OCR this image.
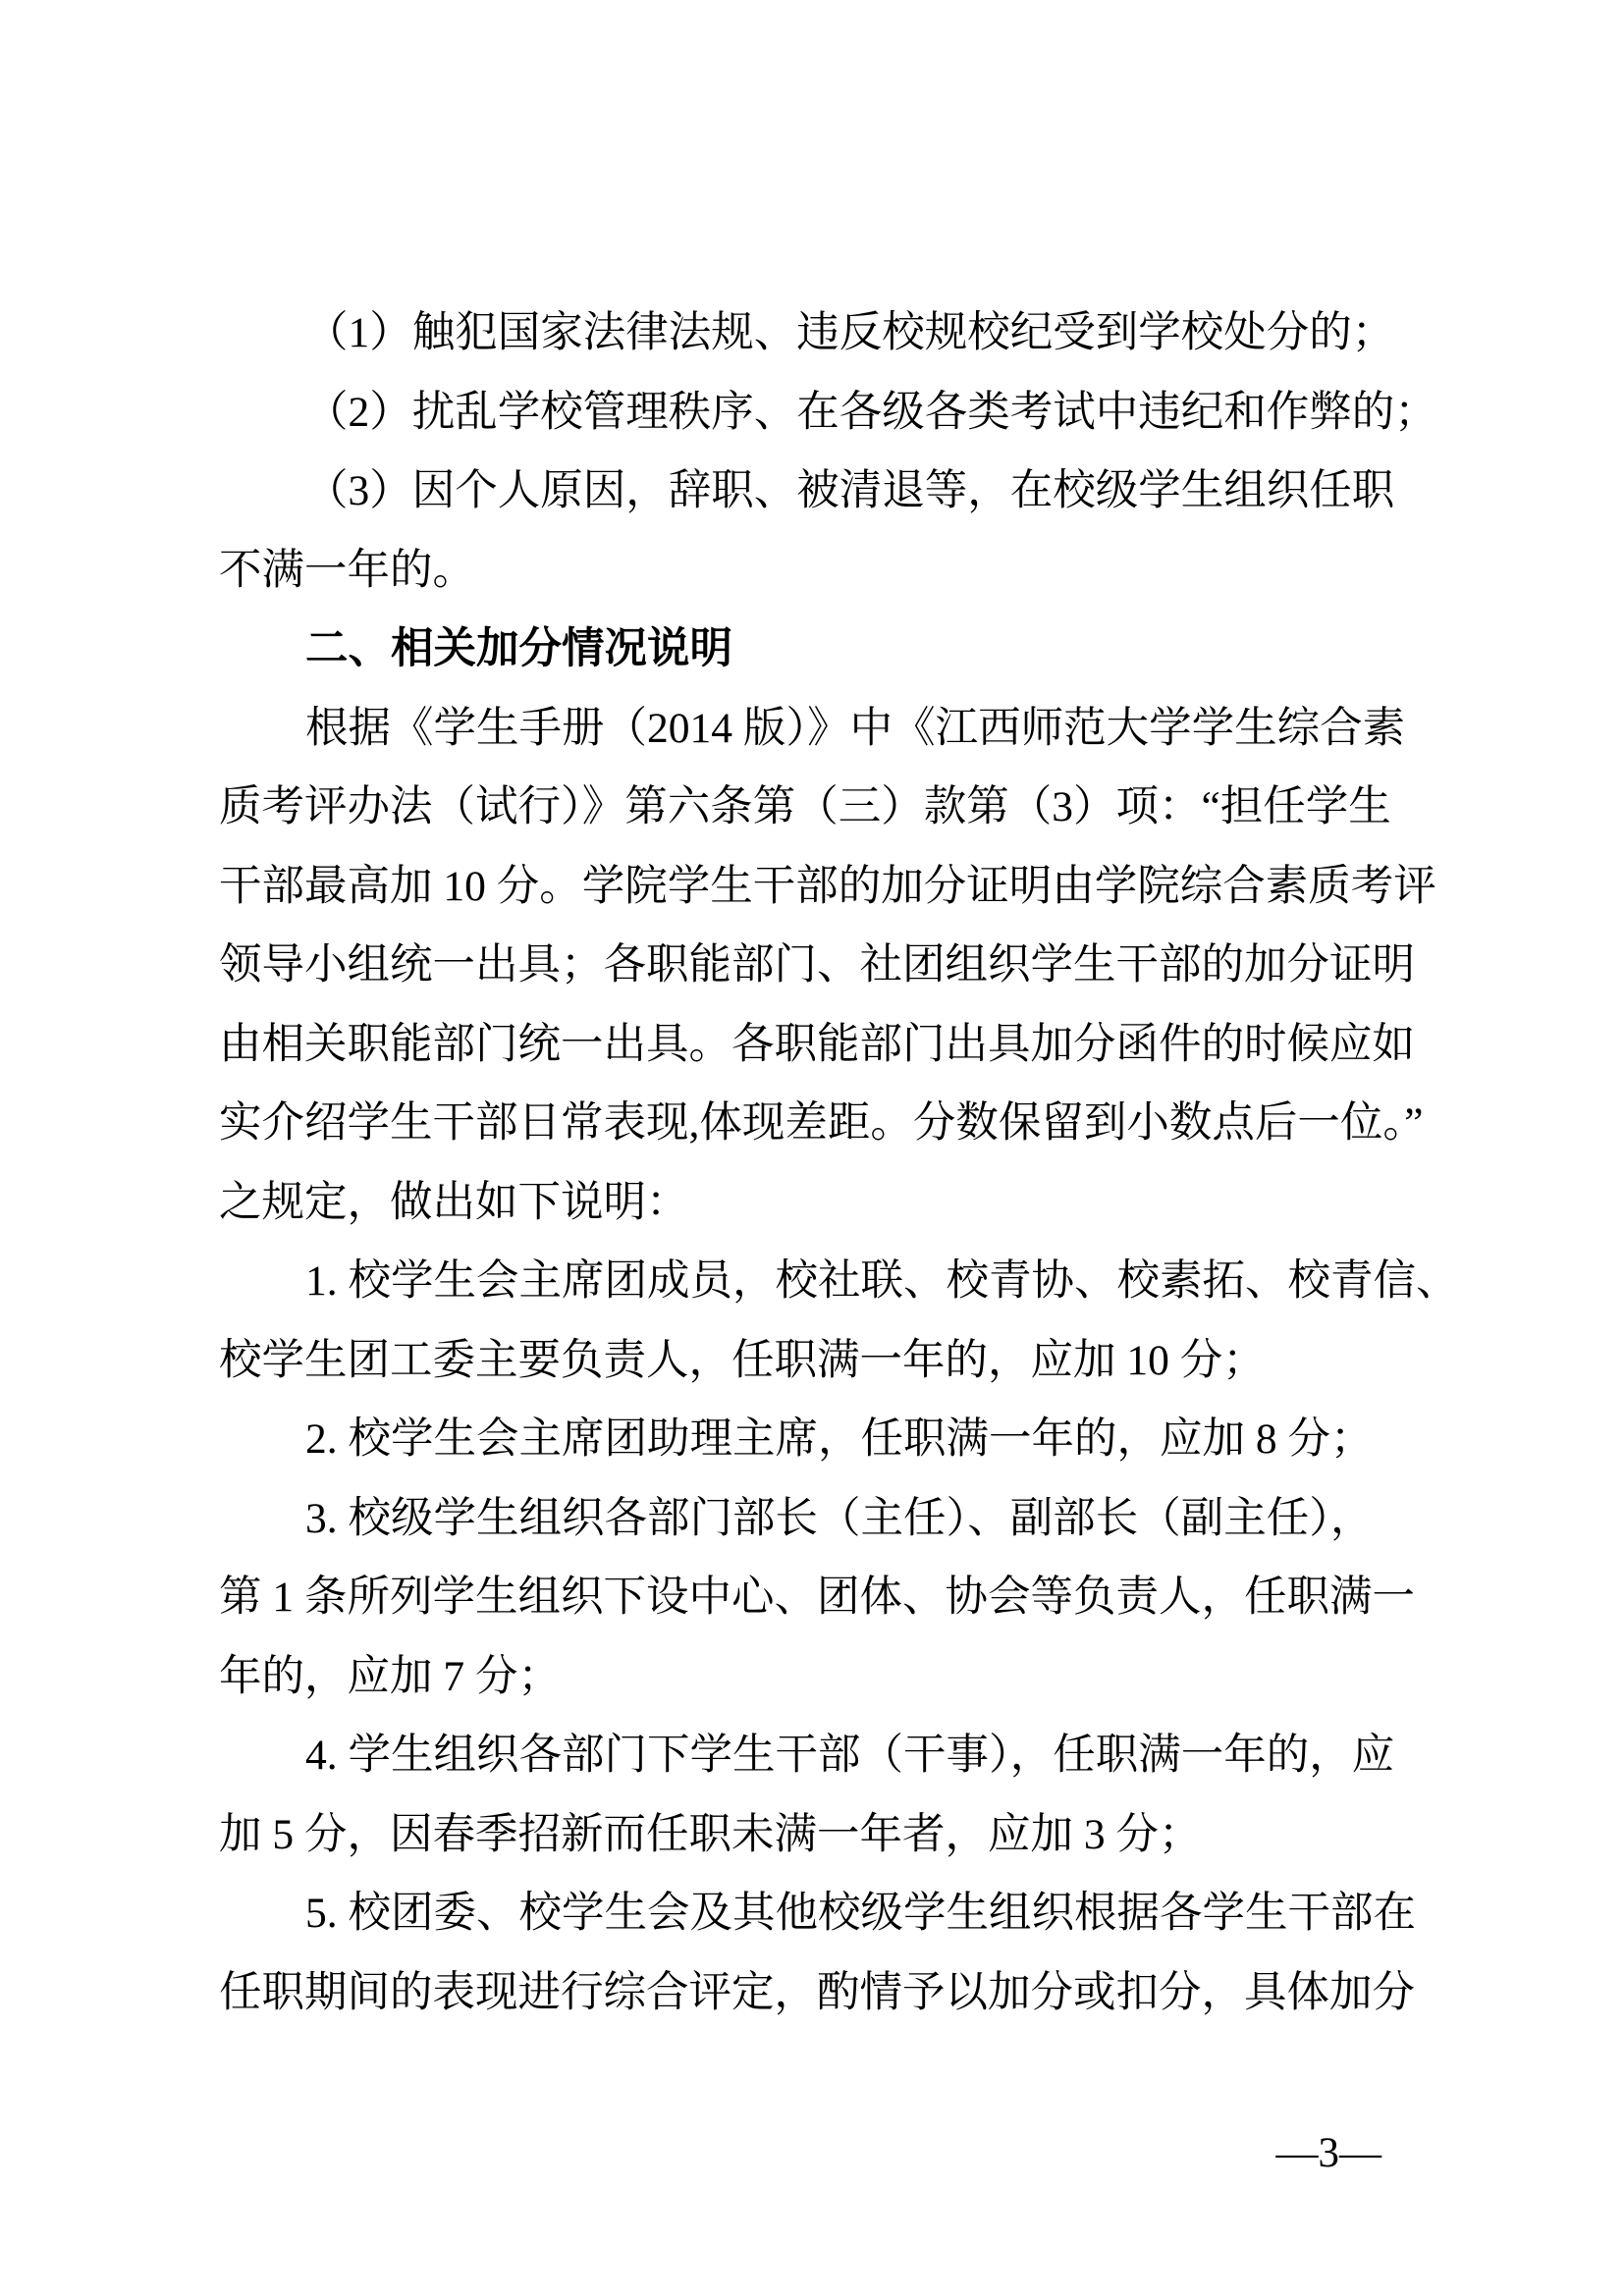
（1）触犯国家法律法规、违反校规校纪受到学校处分的；

（2）扰乱学校管理秩序、在各级各类考试中违纪和作弊的；

（3）因个人原因，辞职、被清退等，在校级学生组织任职

不满一年的。

二、相关加分情况说明

根据《学生手册（2014 版）》中《江西师范大学学生综合素

质考评办法（试行）》第六条第（三）款第（3）项：“担任学生

干部最高加 10 分。学院学生干部的加分证明由学院综合素质考评

领导小组统一出具；各职能部门、社团组织学生干部的加分证明

由相关职能部门统一出具。各职能部门出具加分函件的时候应如

实介绍学生干部日常表现,体现差距。分数保留到小数点后一位。”

之规定，做出如下说明：

1. 校学生会主席团成员，校社联、校青协、校素拓、校青信、

校学生团工委主要负责人，任职满一年的，应加 10 分；

2. 校学生会主席团助理主席，任职满一年的，应加 8 分；

3. 校级学生组织各部门部长（主任）、副部长（副主任），

第 1 条所列学生组织下设中心、团体、协会等负责人，任职满一

年的，应加 7 分；

4. 学生组织各部门下学生干部（干事），任职满一年的，应

加 5 分，因春季招新而任职未满一年者，应加 3 分；

5. 校团委、校学生会及其他校级学生组织根据各学生干部在

任职期间的表现进行综合评定，酌情予以加分或扣分，具体加分

—3—
